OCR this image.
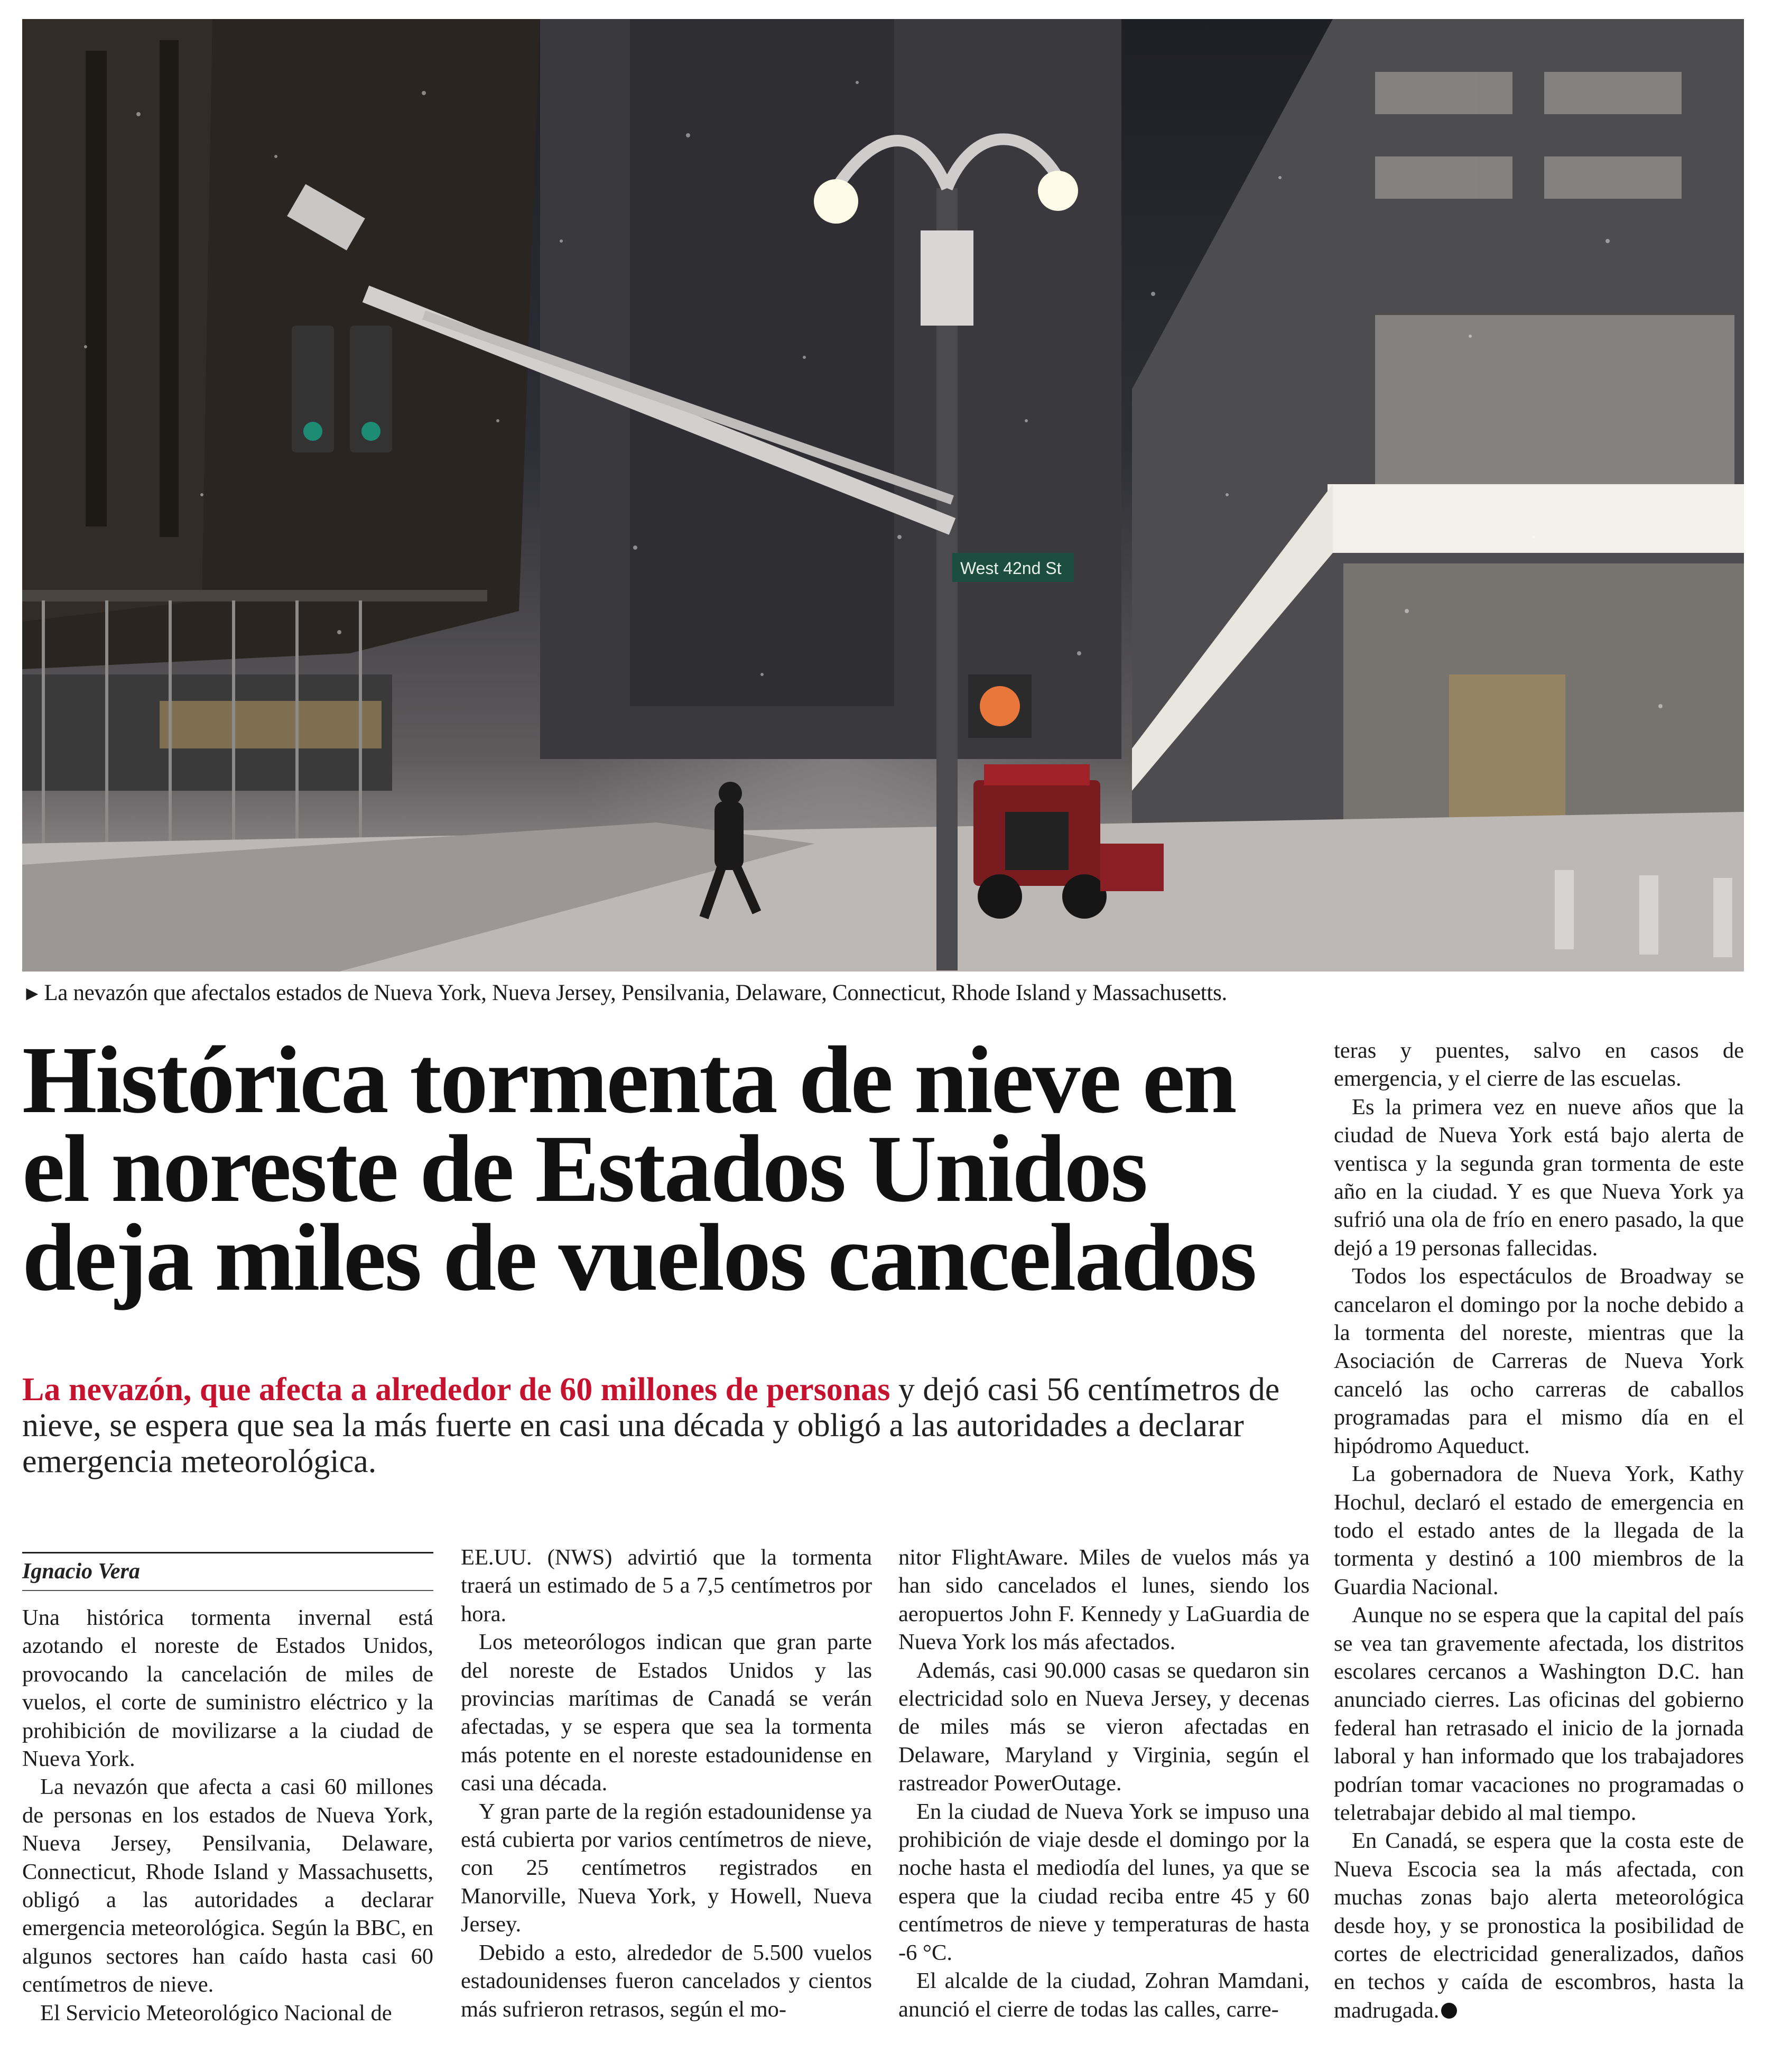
West 42nd St
►La nevazón que afectalos estados de Nueva York, Nueva Jersey, Pensilvania, Delaware, Connecticut, Rhode Island y Massachusetts.
Histórica tormenta de nieve en el noreste de Estados Unidos deja miles de vuelos cancelados

La nevazón, que afecta a alrededor de 60 millones de personas y dejó casi 56 centímetros de nieve, se espera que sea la más fuerte en casi una década y obligó a las autoridades a declarar emergencia meteorológica.

Ignacio Vera

Una histórica tormenta invernal está azotando el noreste de Estados Unidos, provocando la cancelación de miles de vuelos, el corte de suministro eléctrico y la prohibición de movilizarse a la ciudad de Nueva York.

La nevazón que afecta a casi 60 millones de personas en los estados de Nueva York, Nueva Jersey, Pensilvania, Delaware, Connecticut, Rhode Island y Massachusetts, obligó a las autoridades a declarar emergencia meteorológica. Según la BBC, en algunos sectores han caído hasta casi 60 centímetros de nieve.

El Servicio Meteorológico Nacional de

EE.UU. (NWS) advirtió que la tormenta traerá un estimado de 5 a 7,5 centímetros por hora.

Los meteorólogos indican que gran parte del noreste de Estados Unidos y las provincias marítimas de Canadá se verán afectadas, y se espera que sea la tormenta más potente en el noreste estadounidense en casi una década.

Y gran parte de la región estadounidense ya está cubierta por varios centímetros de nieve, con 25 centímetros registrados en Manorville, Nueva York, y Howell, Nueva Jersey.

Debido a esto, alrededor de 5.500 vuelos estadounidenses fueron cancelados y cientos más sufrieron retrasos, según el mo-

nitor FlightAware. Miles de vuelos más ya han sido cancelados el lunes, siendo los aeropuertos John F. Kennedy y LaGuardia de Nueva York los más afectados.

Además, casi 90.000 casas se quedaron sin electricidad solo en Nueva Jersey, y decenas de miles más se vieron afectadas en Delaware, Maryland y Virginia, según el rastreador PowerOutage.

En la ciudad de Nueva York se impuso una prohibición de viaje desde el domingo por la noche hasta el mediodía del lunes, ya que se espera que la ciudad reciba entre 45 y 60 centímetros de nieve y temperaturas de hasta -6 °C.

El alcalde de la ciudad, Zohran Mamdani, anunció el cierre de todas las calles, carre-

teras y puentes, salvo en casos de emergencia, y el cierre de las escuelas.

Es la primera vez en nueve años que la ciudad de Nueva York está bajo alerta de ventisca y la segunda gran tormenta de este año en la ciudad. Y es que Nueva York ya sufrió una ola de frío en enero pasado, la que dejó a 19 personas fallecidas.

Todos los espectáculos de Broadway se cancelaron el domingo por la noche debido a la tormenta del noreste, mientras que la Asociación de Carreras de Nueva York canceló las ocho carreras de caballos programadas para el mismo día en el hipódromo Aqueduct.

La gobernadora de Nueva York, Kathy Hochul, declaró el estado de emergencia en todo el estado antes de la llegada de la tormenta y destinó a 100 miembros de la Guardia Nacional.

Aunque no se espera que la capital del país se vea tan gravemente afectada, los distritos escolares cercanos a Washington D.C. han anunciado cierres. Las oficinas del gobierno federal han retrasado el inicio de la jornada laboral y han informado que los trabajadores podrían tomar vacaciones no programadas o teletrabajar debido al mal tiempo.

En Canadá, se espera que la costa este de Nueva Escocia sea la más afectada, con muchas zonas bajo alerta meteorológica desde hoy, y se pronostica la posibilidad de cortes de electricidad generalizados, daños en techos y caída de escombros, hasta la madrugada.
